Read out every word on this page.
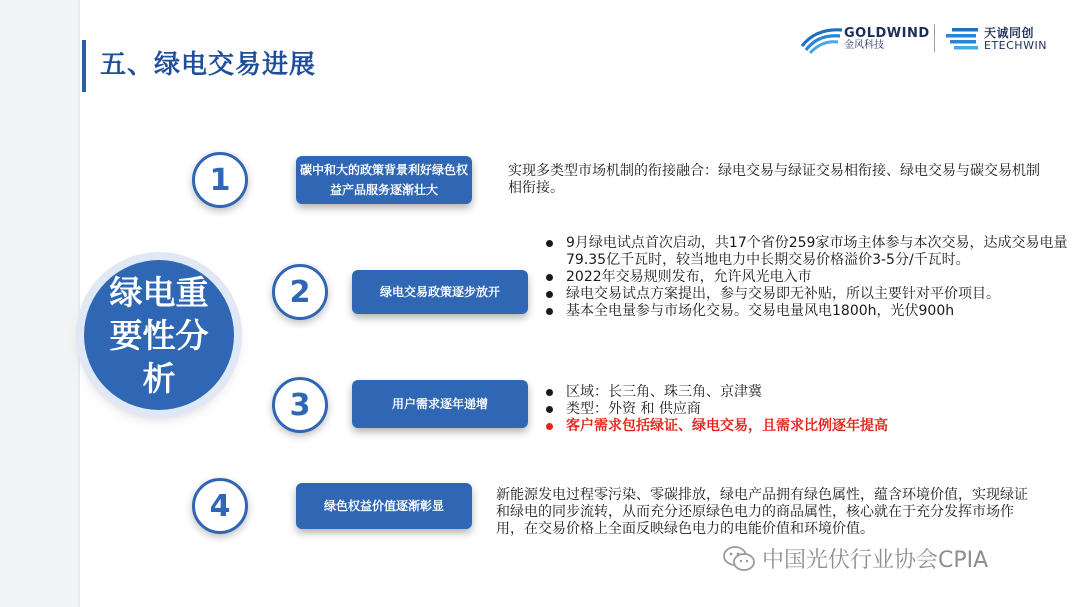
五、绿电交易进展
GOLDWIND
金风科技
天诚同创
ETECHWIN
绿电重要性分析
1	碳中和大的政策背景利好绿色权益产品服务逐渐壮大
实现多类型市场机制的衔接融合：绿电交易与绿证交易相衔接、绿电交易与碳交易机制相衔接。
2	绿电交易政策逐步放开
9月绿电试点首次启动，共17个省份259家市场主体参与本次交易，达成交易电量79.35亿千瓦时，较当地电力中长期交易价格溢价3-5分/千瓦时。
2022年交易规则发布，允许风光电入市
绿电交易试点方案提出，参与交易即无补贴，所以主要针对平价项目。
基本全电量参与市场化交易。交易电量风电1800h，光伏900h
3	用户需求逐年递增
区域：长三角、珠三角、京津冀
类型：外资 和 供应商
客户需求包括绿证、绿电交易，且需求比例逐年提高
4	绿色权益价值逐渐彰显
新能源发电过程零污染、零碳排放，绿电产品拥有绿色属性，蕴含环境价值，实现绿证和绿电的同步流转，从而充分还原绿色电力的商品属性，核心就在于充分发挥市场作用，在交易价格上全面反映绿色电力的电能价值和环境价值。
中国光伏行业协会CPIA
